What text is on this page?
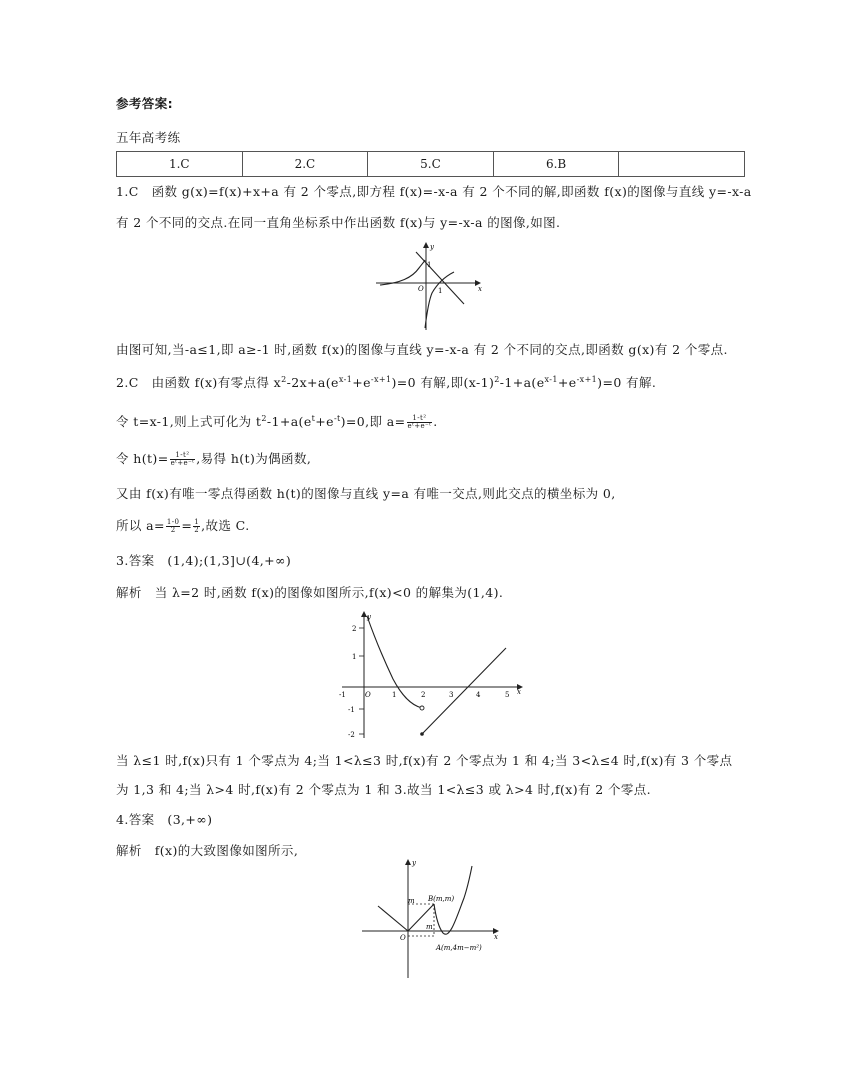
参考答案:
五年高考练
1.C	2.C	5.C	6.B	
1.C　函数 g(x)=f(x)+x+a 有 2 个零点,即方程 f(x)=-x-a 有 2 个不同的解,即函数 f(x)的图像与直线 y=-x-a
有 2 个不同的交点.在同一直角坐标系中作出函数 f(x)与 y=-x-a 的图像,如图.
y
x
O 1
1
由图可知,当-a≤1,即 a≥-1 时,函数 f(x)的图像与直线 y=-x-a 有 2 个不同的交点,即函数 g(x)有 2 个零点.
2.C　由函数 f(x)有零点得 $x^2-2x+a(e^{x-1}+e^{-x+1})=0$ 有解,即$(x-1)^2-1+a(e^{x-1}+e^{-x+1})=0$ 有解.
令 t=x-1,则上式可化为 $t^2-1+a(e^t+e^{-t})=0$,即 $a= \frac{\text{1-t²}}{\text{eᵗ+e⁻ᵗ}}$ .
令 $h(t)= \frac{\text{1-t²}}{\text{eᵗ+e⁻ᵗ}}$ ,易得 h(t)为偶函数,
又由 f(x)有唯一零点得函数 h(t)的图像与直线 y=a 有唯一交点,则此交点的横坐标为 0,
所以 $a= \frac{1-0}{2} = \frac{1}{2}$ ,故选 C.
3.答案　(1,4);(1,3]∪(4,+∞)
解析　当 λ=2 时,函数 f(x)的图像如图所示,f(x)<0 的解集为(1,4).
y
x
O
-1	1	2	3	4	5
2
1
-1
-2
当 λ≤1 时,f(x)只有 1 个零点为 4;当 1<λ≤3 时,f(x)有 2 个零点为 1 和 4;当 3<λ≤4 时,f(x)有 3 个零点
为 1,3 和 4;当 λ>4 时,f(x)有 2 个零点为 1 和 3.故当 1<λ≤3 或 λ>4 时,f(x)有 2 个零点.
4.答案　(3,+∞)
解析　f(x)的大致图像如图所示,
y
x
O
m
m
B(m,m)
A(m,4m−m²)
